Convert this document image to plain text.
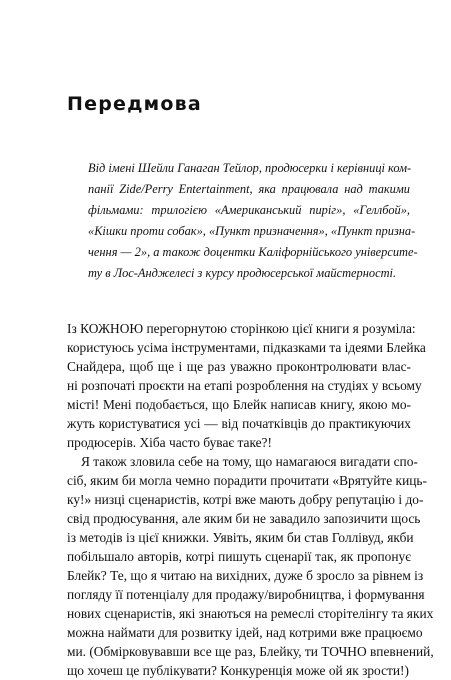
Передмова
Від імені Шейли Ганаган Тейлор, продюсерки і керівниці ком-
панії Zide/Perry Entertainment, яка працювала над такими
фільмами: трилогією «Американський пиріг», «Геллбой»,
«Кішки проти собак», «Пункт призначення», «Пункт призна-
чення — 2», а також доцентки Каліфорнійського університе-
ту в Лос-Анджелесі з курсу продюсерської майстерності.
Із КОЖНОЮ перегорнутою сторінкою цієї книги я розуміла:
користуюсь усіма інструментами, підказками та ідеями Блейка
Снайдера, щоб ще і ще раз уважно проконтролювати влас-
ні розпочаті проєкти на етапі розроблення на студіях у всьому
місті! Мені подобається, що Блейк написав книгу, якою мо-
жуть користуватися усі — від початківців до практикуючих
продюсерів. Хіба часто буває таке?!
Я також зловила себе на тому, що намагаюся вигадати спо-
сіб, яким би могла чемно порадити прочитати «Врятуйте киць-
ку!» низці сценаристів, котрі вже мають добру репутацію і до-
свід продюсування, але яким би не завадило запозичити щось
із методів із цієї книжки. Уявіть, яким би став Голлівуд, якби
побільшало авторів, котрі пишуть сценарії так, як пропонує
Блейк? Те, що я читаю на вихідних, дуже б зросло за рівнем із
погляду її потенціалу для продажу/виробництва, і формування
нових сценаристів, які знаються на ремеслі сторітелінгу та яких
можна наймати для розвитку ідей, над котрими вже працюємо
ми. (Обмірковувавши все ще раз, Блейку, ти ТОЧНО впевнений,
що хочеш це публікувати? Конкуренція може ой як зрости!)
